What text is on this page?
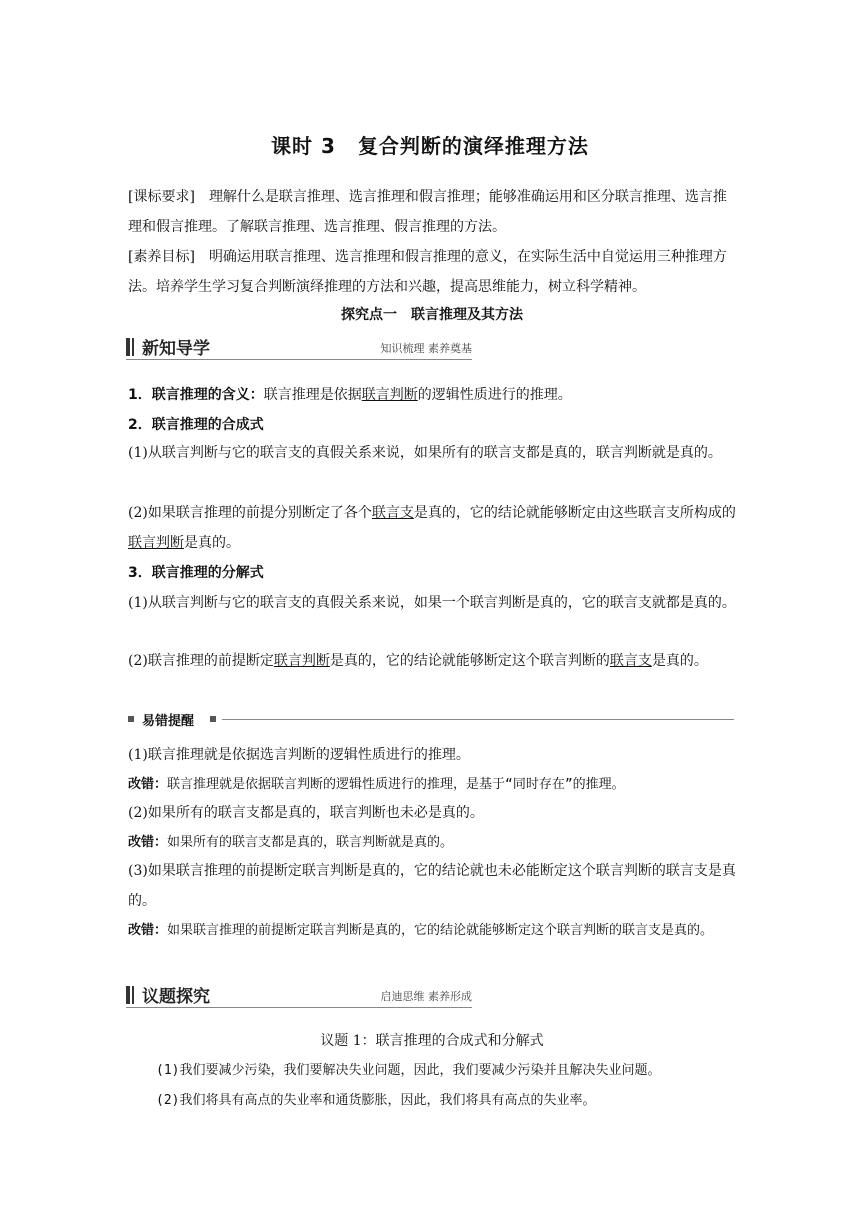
课时 3 复合判断的演绎推理方法
[课标要求]　 理解什么是联言推理、选言推理和假言推理；能够准确运用和区分联言推理、选言推理和假言推理。了解联言推理、选言推理、假言推理的方法。
[素养目标]　 明确运用联言推理、选言推理和假言推理的意义，在实际生活中自觉运用三种推理方法。培养学生学习复合判断演绎推理的方法和兴趣，提高思维能力，树立科学精神。
探究点一　联言推理及其方法
新知导学	知识梳理 素养奠基
1．联言推理的含义：联言推理是依据联言判断的逻辑性质进行的推理。
2．联言推理的合成式
(1)从联言判断与它的联言支的真假关系来说，如果所有的联言支都是真的，联言判断就是真的。
(2)如果联言推理的前提分别断定了各个联言支是真的，它的结论就能够断定由这些联言支所构成的联言判断是真的。
3．联言推理的分解式
(1)从联言判断与它的联言支的真假关系来说，如果一个联言判断是真的，它的联言支就都是真的。
(2)联言推理的前提断定联言判断是真的，它的结论就能够断定这个联言判断的联言支是真的。
易错提醒
(1)联言推理就是依据选言判断的逻辑性质进行的推理。
改错：联言推理就是依据联言判断的逻辑性质进行的推理，是基于“同时存在”的推理。
(2)如果所有的联言支都是真的，联言判断也未必是真的。
改错：如果所有的联言支都是真的，联言判断就是真的。
(3)如果联言推理的前提断定联言判断是真的，它的结论就也未必能断定这个联言判断的联言支是真的。
改错：如果联言推理的前提断定联言判断是真的，它的结论就能够断定这个联言判断的联言支是真的。
议题探究	启迪思维 素养形成
议题 1：联言推理的合成式和分解式
(1)我们要减少污染，我们要解决失业问题，因此，我们要减少污染并且解决失业问题。
(2)我们将具有高点的失业率和通货膨胀，因此，我们将具有高点的失业率。
